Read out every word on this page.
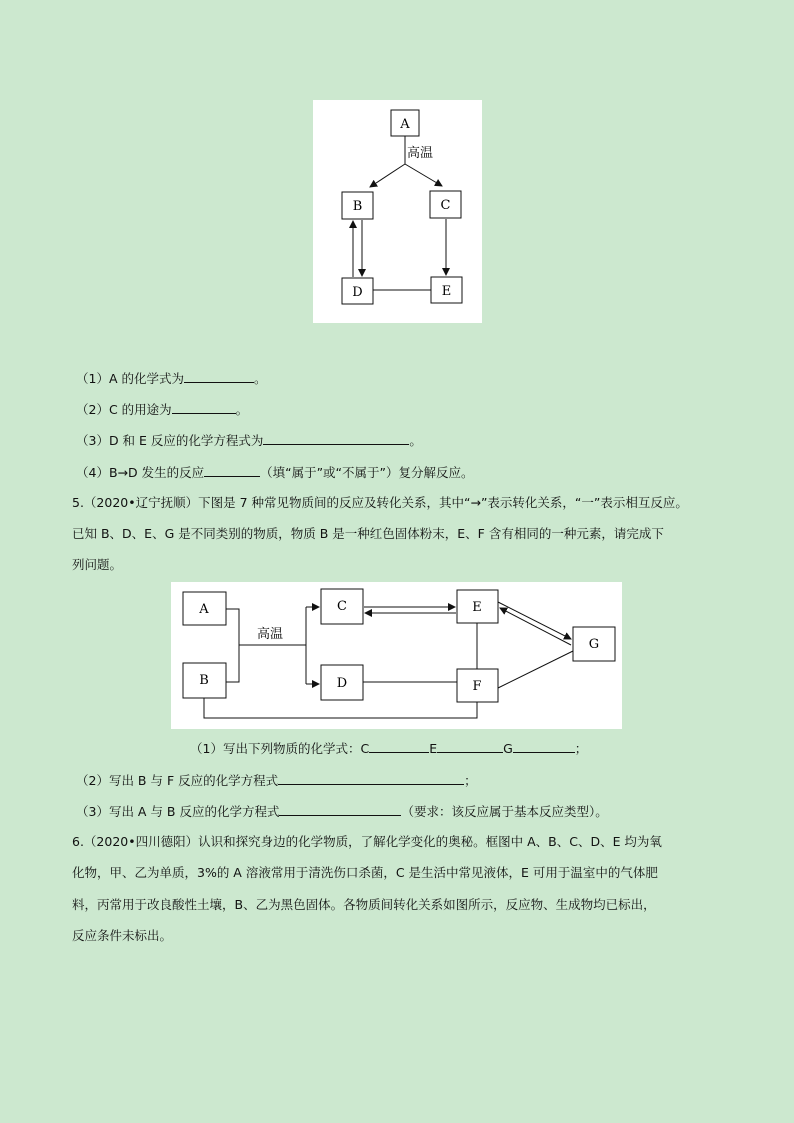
A
B	C
D	E
高温
（1）A 的化学式为	。
（2）C 的用途为	。
（3）D 和 E 反应的化学方程式为	。
（4）B→D 发生的反应	（填“属于”或“不属于”）复分解反应。
5.（2020•辽宁抚顺）下图是 7 种常见物质间的反应及转化关系，其中“→”表示转化关系，“一”表示相互反应。
已知 B、D、E、G 是不同类别的物质，物质 B 是一种红色固体粉末，E、F 含有相同的一种元素，请完成下
列问题。
A
B
C
D
E
F
G
高温
（1）写出下列物质的化学式：C	E	G	；
（2）写出 B 与 F 反应的化学方程式	；
（3）写出 A 与 B 反应的化学方程式	（要求：该反应属于基本反应类型）。
6.（2020•四川德阳）认识和探究身边的化学物质，了解化学变化的奥秘。框图中 A、B、C、D、E 均为氧
化物，甲、乙为单质，3%的 A 溶液常用于清洗伤口杀菌，C 是生活中常见液体，E 可用于温室中的气体肥
料，丙常用于改良酸性土壤，B、乙为黑色固体。各物质间转化关系如图所示，反应物、生成物均已标出，
反应条件未标出。
